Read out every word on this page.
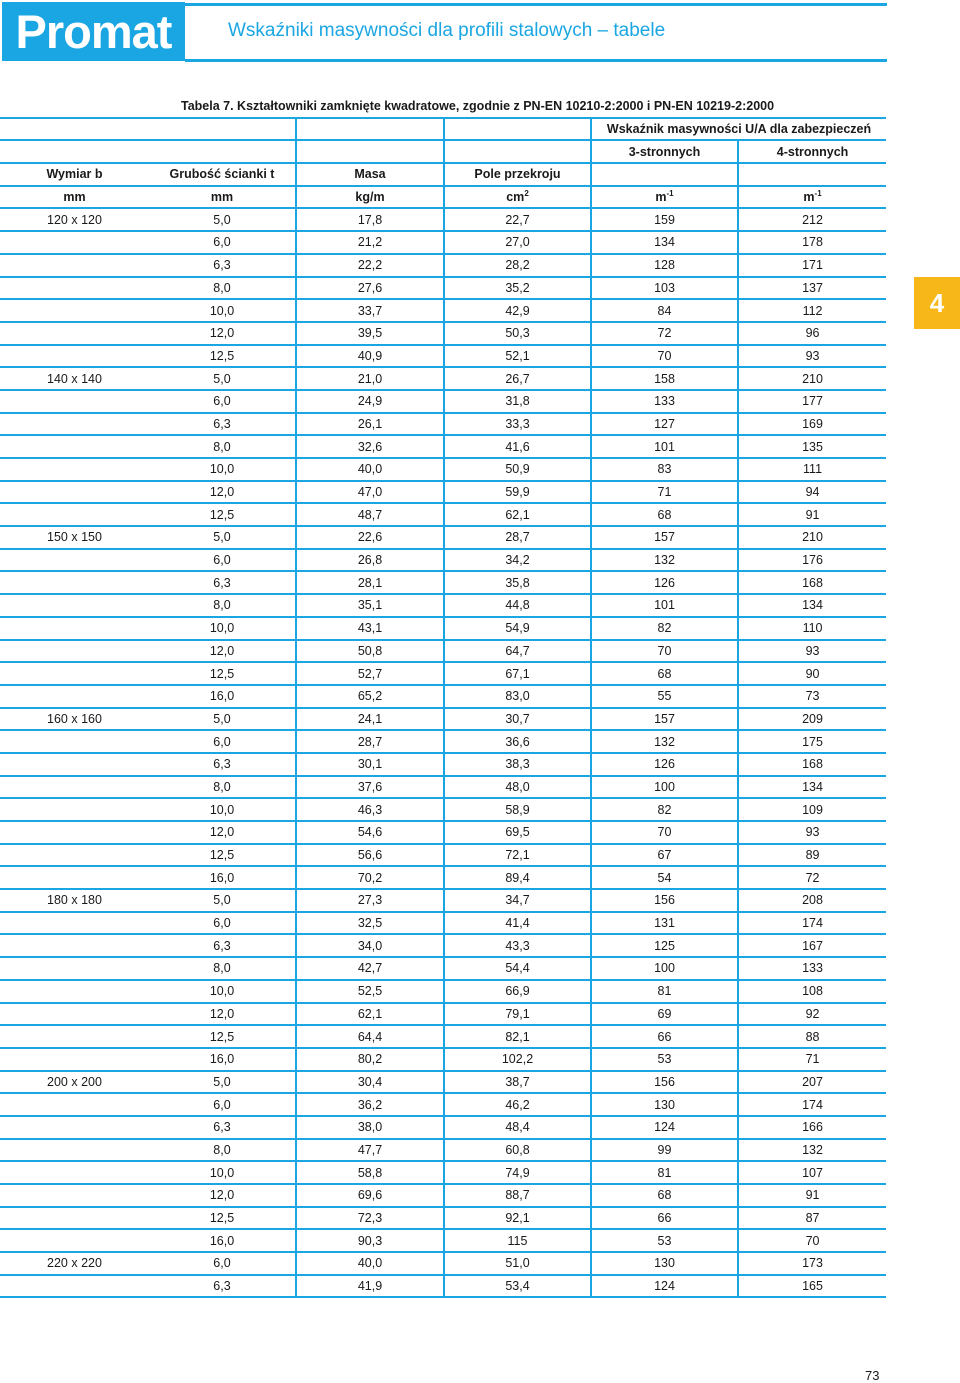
Promat	Wskaźniki masywności dla profili stalowych – tabele
4
Tabela 7. Kształtowniki zamknięte kwadratowe, zgodnie z PN-EN 10210-2:2000 i PN-EN 10219-2:2000					
				Wskaźnik masywności U/A dla zabezpieczeń	
				3-stronnych	4-stronnych
Wymiar b	Grubość ścianki t	Masa	Pole przekroju		
mm	mm	kg/m	$cm^2$	$m^{-1}$	$m^{-1}$
120 x 120	5,0	17,8	22,7	159	212
	6,0	21,2	27,0	134	178
	6,3	22,2	28,2	128	171
	8,0	27,6	35,2	103	137
	10,0	33,7	42,9	84	112
	12,0	39,5	50,3	72	96
	12,5	40,9	52,1	70	93
140 x 140	5,0	21,0	26,7	158	210
	6,0	24,9	31,8	133	177
	6,3	26,1	33,3	127	169
	8,0	32,6	41,6	101	135
	10,0	40,0	50,9	83	111
	12,0	47,0	59,9	71	94
	12,5	48,7	62,1	68	91
150 x 150	5,0	22,6	28,7	157	210
	6,0	26,8	34,2	132	176
	6,3	28,1	35,8	126	168
	8,0	35,1	44,8	101	134
	10,0	43,1	54,9	82	110
	12,0	50,8	64,7	70	93
	12,5	52,7	67,1	68	90
	16,0	65,2	83,0	55	73
160 x 160	5,0	24,1	30,7	157	209
	6,0	28,7	36,6	132	175
	6,3	30,1	38,3	126	168
	8,0	37,6	48,0	100	134
	10,0	46,3	58,9	82	109
	12,0	54,6	69,5	70	93
	12,5	56,6	72,1	67	89
	16,0	70,2	89,4	54	72
180 x 180	5,0	27,3	34,7	156	208
	6,0	32,5	41,4	131	174
	6,3	34,0	43,3	125	167
	8,0	42,7	54,4	100	133
	10,0	52,5	66,9	81	108
	12,0	62,1	79,1	69	92
	12,5	64,4	82,1	66	88
	16,0	80,2	102,2	53	71
200 x 200	5,0	30,4	38,7	156	207
	6,0	36,2	46,2	130	174
	6,3	38,0	48,4	124	166
	8,0	47,7	60,8	99	132
	10,0	58,8	74,9	81	107
	12,0	69,6	88,7	68	91
	12,5	72,3	92,1	66	87
	16,0	90,3	115	53	70
220 x 220	6,0	40,0	51,0	130	173
	6,3	41,9	53,4	124	165
73
